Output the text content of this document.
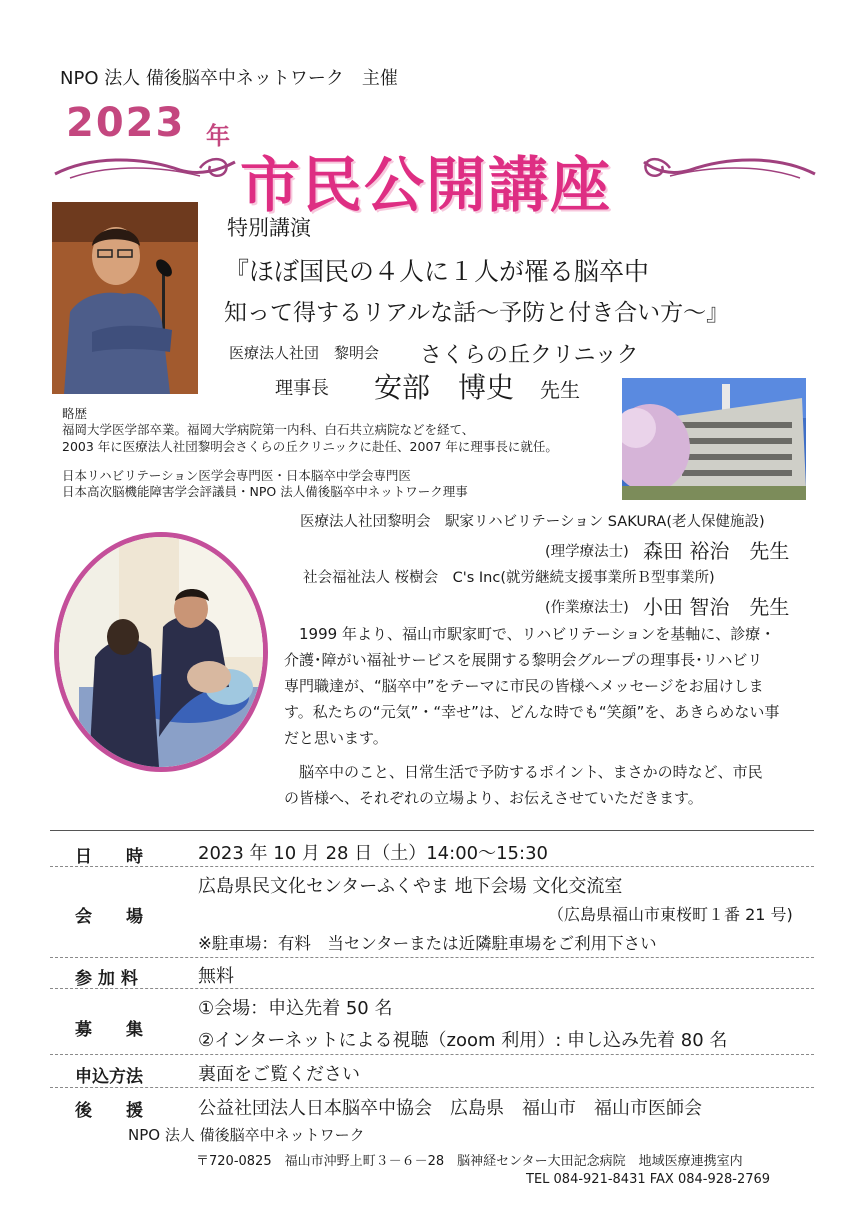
NPO 法人 備後脳卒中ネットワーク　主催
2023 年
市民公開講座
特別講演
『ほぼ国民の４人に１人が罹る脳卒中
知って得するリアルな話～予防と付き合い方～』
医療法人社団　黎明会 さくらの丘クリニック
理事長 安部　博史 先生
略歴
福岡大学医学部卒業。福岡大学病院第一内科、白石共立病院などを経て、
2003 年に医療法人社団黎明会さくらの丘クリニックに赴任、2007 年に理事長に就任。
日本リハビリテーション医学会専門医・日本脳卒中学会専門医
日本高次脳機能障害学会評議員・NPO 法人備後脳卒中ネットワーク理事
医療法人社団黎明会　駅家リハビリテーション SAKURA(老人保健施設)
(理学療法士) 森田 裕治　先生
社会福祉法人 桜樹会　C's Inc(就労継続支援事業所Ｂ型事業所)
(作業療法士) 小田 智治　先生
　1999 年より、福山市駅家町で、リハビリテーションを基軸に、診療・
介護･障がい福祉サービスを展開する黎明会グループの理事長･リハビリ
専門職達が、“脳卒中”をテーマに市民の皆様へメッセージをお届けしま
す。私たちの“元気”・“幸せ”は、どんな時でも“笑顔”を、あきらめない事
だと思います。
　脳卒中のこと、日常生活で予防するポイント、まさかの時など、市民
の皆様へ、それぞれの立場より、お伝えさせていただきます。
日　　時	2023 年 10 月 28 日（土）14:00～15:30
会　　場
広島県民文化センターふくやま 地下会場 文化交流室
（広島県福山市東桜町１番 21 号)
※駐車場：有料　当センターまたは近隣駐車場をご利用下さい
参 加 料	無料
募　　集
①会場：申込先着 50 名
②インターネットによる視聴（zoom 利用）: 申し込み先着 80 名
申込方法	裏面をご覧ください
後　　援	公益社団法人日本脳卒中協会　広島県　福山市　福山市医師会
NPO 法人 備後脳卒中ネットワーク
〒720-0825　福山市沖野上町３－６－28　脳神経センター大田記念病院　地域医療連携室内
TEL 084-921-8431 FAX 084-928-2769
